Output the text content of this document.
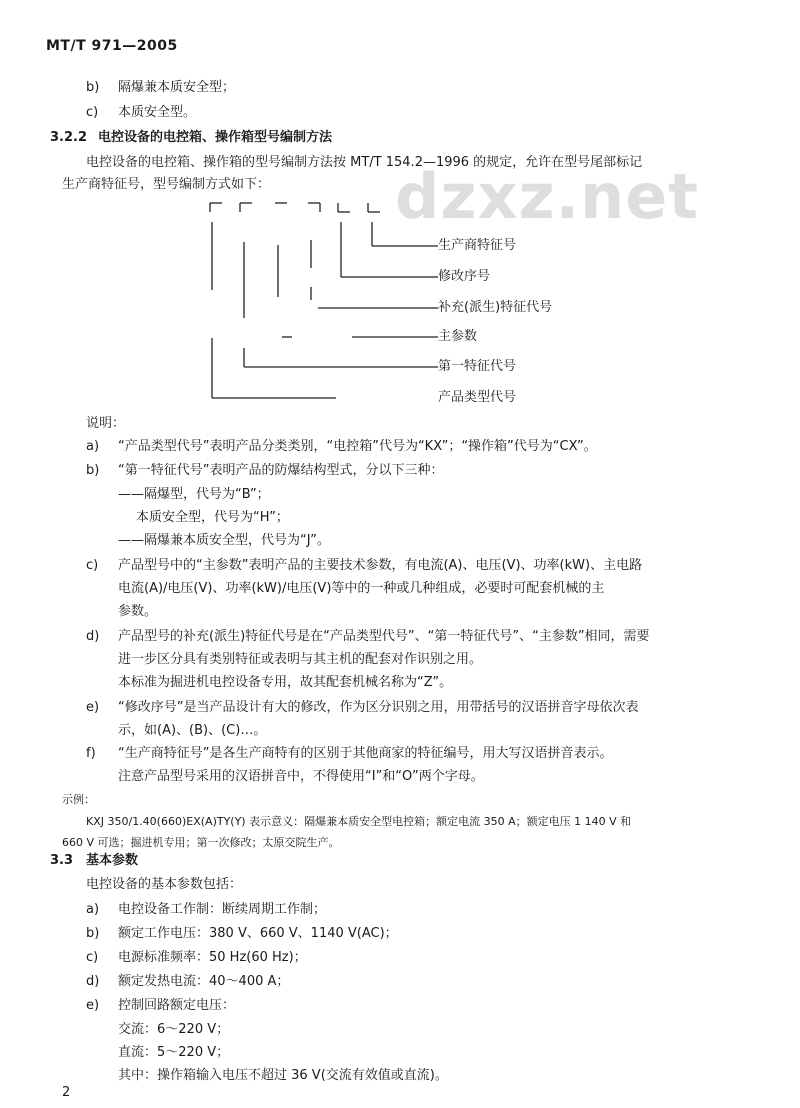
MT/T 971—2005
dzxz.net
b) 隔爆兼本质安全型；
c) 本质安全型。
3.2.2 电控设备的电控箱、操作箱型号编制方法
电控设备的电控箱、操作箱的型号编制方法按 MT/T 154.2—1996 的规定，允许在型号尾部标记
生产商特征号，型号编制方式如下：
生产商特征号
修改序号
补充(派生)特征代号
主参数
第一特征代号
产品类型代号
说明：
a) “产品类型代号”表明产品分类类别，“电控箱”代号为“KX”；“操作箱”代号为“CX”。
b) “第一特征代号”表明产品的防爆结构型式，分以下三种：
——隔爆型，代号为“B”；
本质安全型，代号为“H”；
——隔爆兼本质安全型，代号为“J”。
c) 产品型号中的“主参数”表明产品的主要技术参数，有电流(A)、电压(V)、功率(kW)、主电路
电流(A)/电压(V)、功率(kW)/电压(V)等中的一种或几种组成，必要时可配套机械的主
参数。
d) 产品型号的补充(派生)特征代号是在“产品类型代号”、“第一特征代号”、“主参数”相同，需要
进一步区分具有类别特征或表明与其主机的配套对作识别之用。
本标准为掘进机电控设备专用，故其配套机械名称为“Z”。
e) “修改序号”是当产品设计有大的修改，作为区分识别之用，用带括号的汉语拼音字母依次表
示，如(A)、(B)、(C)…。
f) “生产商特征号”是各生产商特有的区别于其他商家的特征编号，用大写汉语拼音表示。
注意产品型号采用的汉语拼音中，不得使用“I”和“O”两个字母。
示例：
KXJ 350/1.40(660)EX(A)TY(Y) 表示意义：隔爆兼本质安全型电控箱；额定电流 350 A；额定电压 1 140 V 和
660 V 可选；掘进机专用；第一次修改；太原交院生产。
3.3 基本参数
电控设备的基本参数包括：
a) 电控设备工作制：断续周期工作制；
b) 额定工作电压：380 V、660 V、1140 V(AC)；
c) 电源标准频率：50 Hz(60 Hz)；
d) 额定发热电流：40～400 A；
e) 控制回路额定电压：
交流：6～220 V；
直流：5～220 V；
其中：操作箱输入电压不超过 36 V(交流有效值或直流)。
2
